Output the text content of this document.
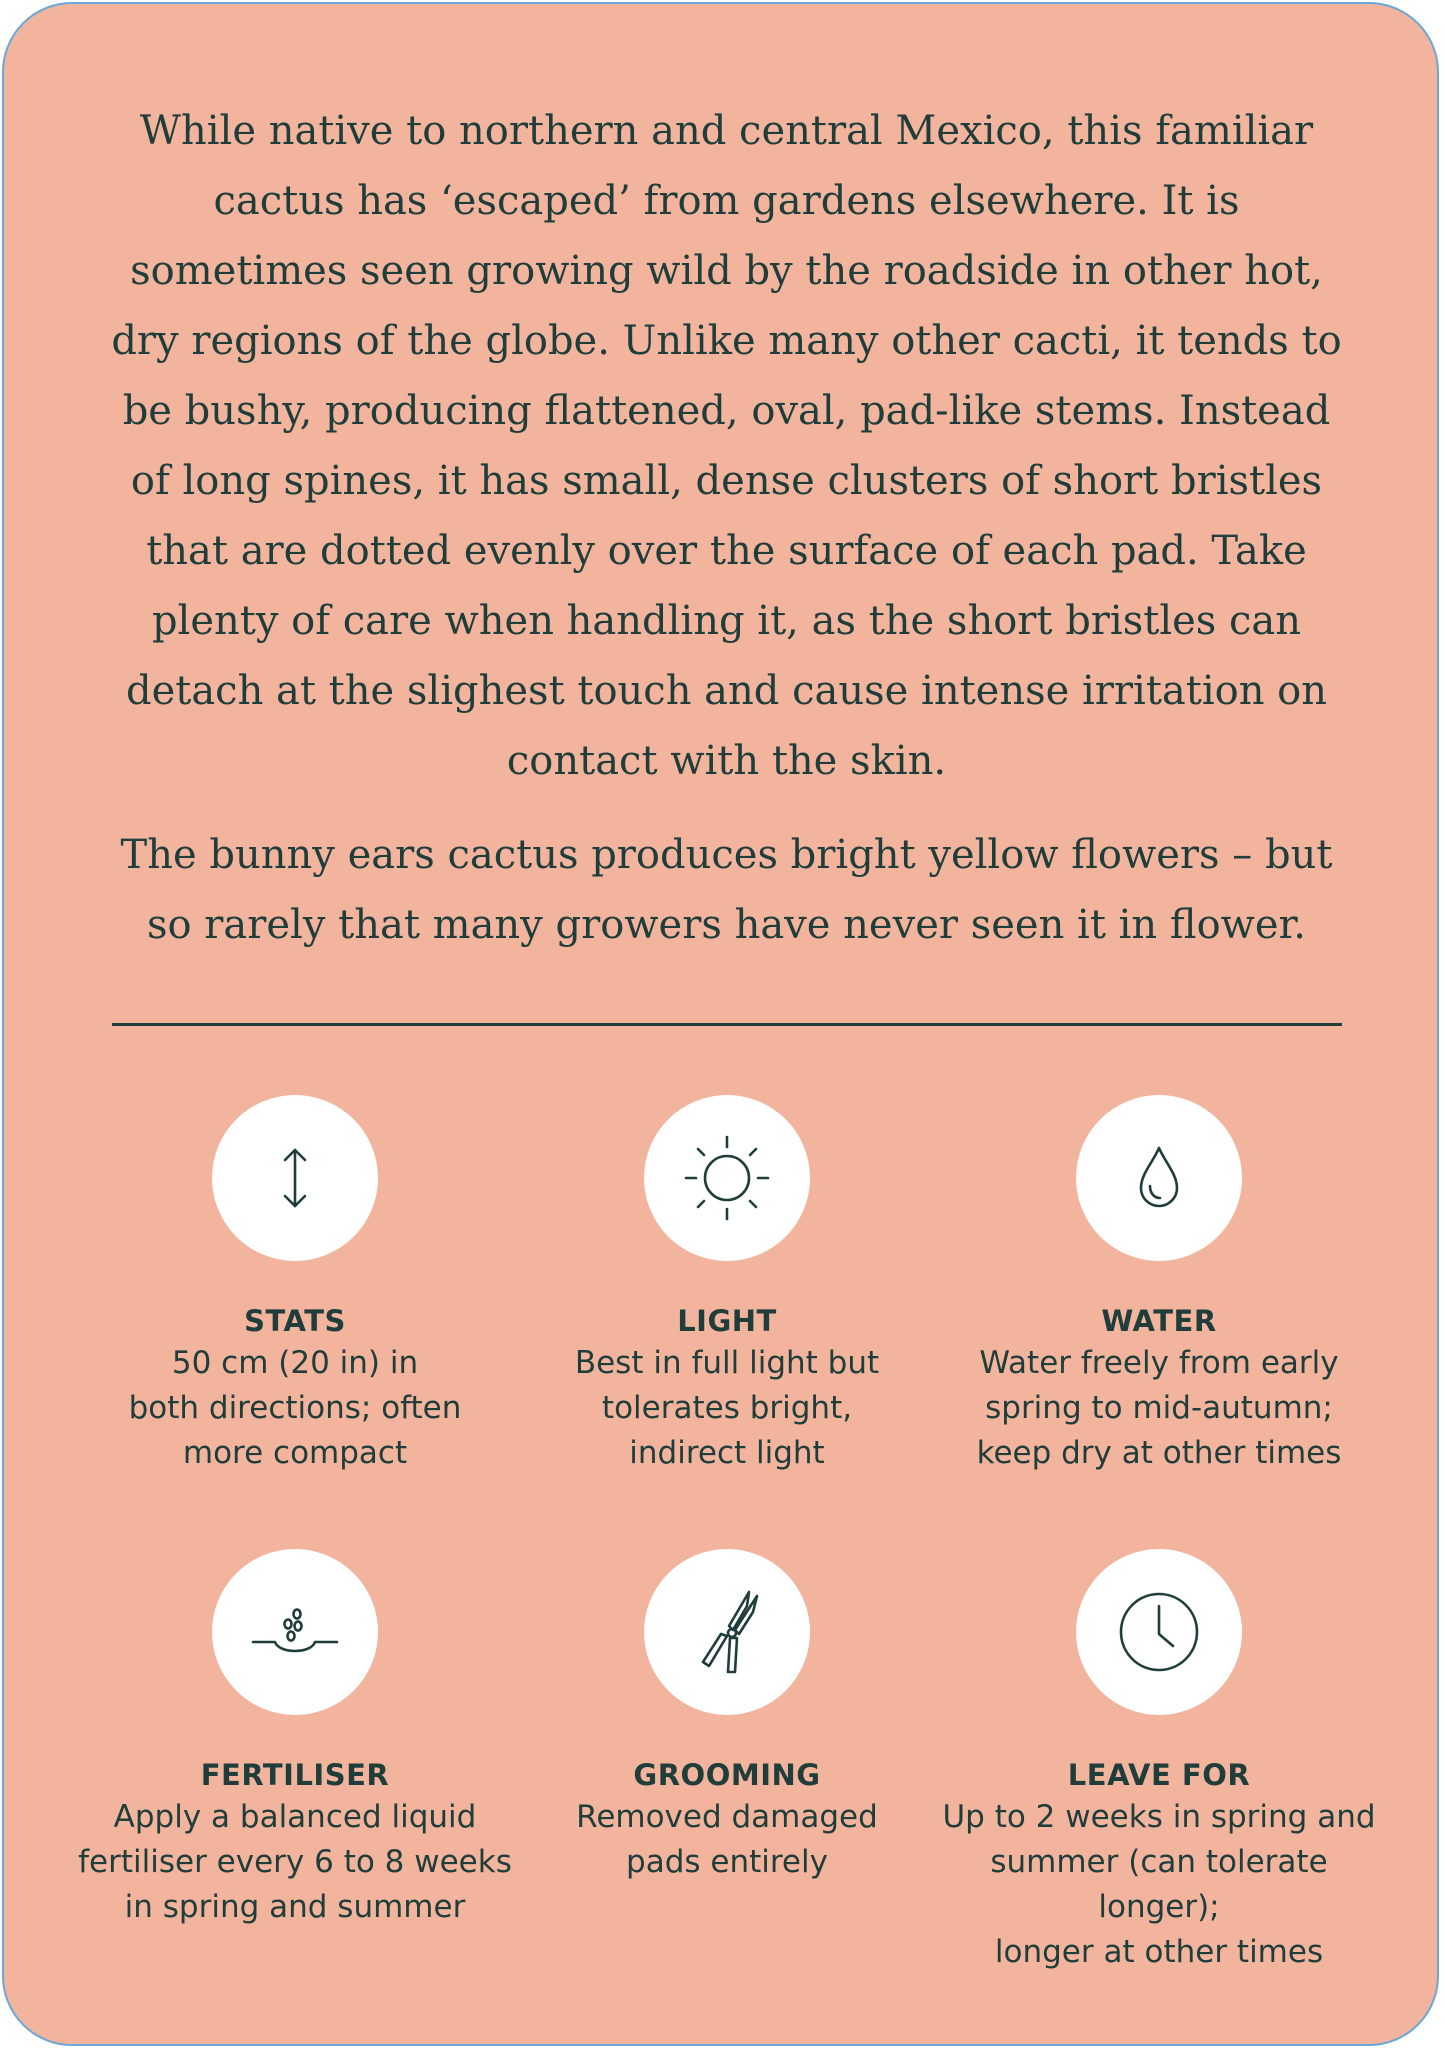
While native to northern and central Mexico, this familiar cactus has ‘escaped’ from gardens elsewhere. It is sometimes seen growing wild by the roadside in other hot, dry regions of the globe. Unlike many other cacti, it tends to be bushy, producing flattened, oval, pad-like stems. Instead of long spines, it has small, dense clusters of short bristles that are dotted evenly over the surface of each pad. Take plenty of care when handling it, as the short bristles can detach at the slighest touch and cause intense irritation on contact with the skin.

The bunny ears cactus produces bright yellow flowers – but so rarely that many growers have never seen it in flower.

STATS
50 cm (20 in) in
both directions; often
more compact
LIGHT
Best in full light but
tolerates bright,
indirect light
WATER
Water freely from early
spring to mid-autumn;
keep dry at other times
FERTILISER
Apply a balanced liquid
fertiliser every 6 to 8 weeks
in spring and summer
GROOMING
Removed damaged
pads entirely
LEAVE FOR
Up to 2 weeks in spring and
summer (can tolerate longer);
longer at other times
